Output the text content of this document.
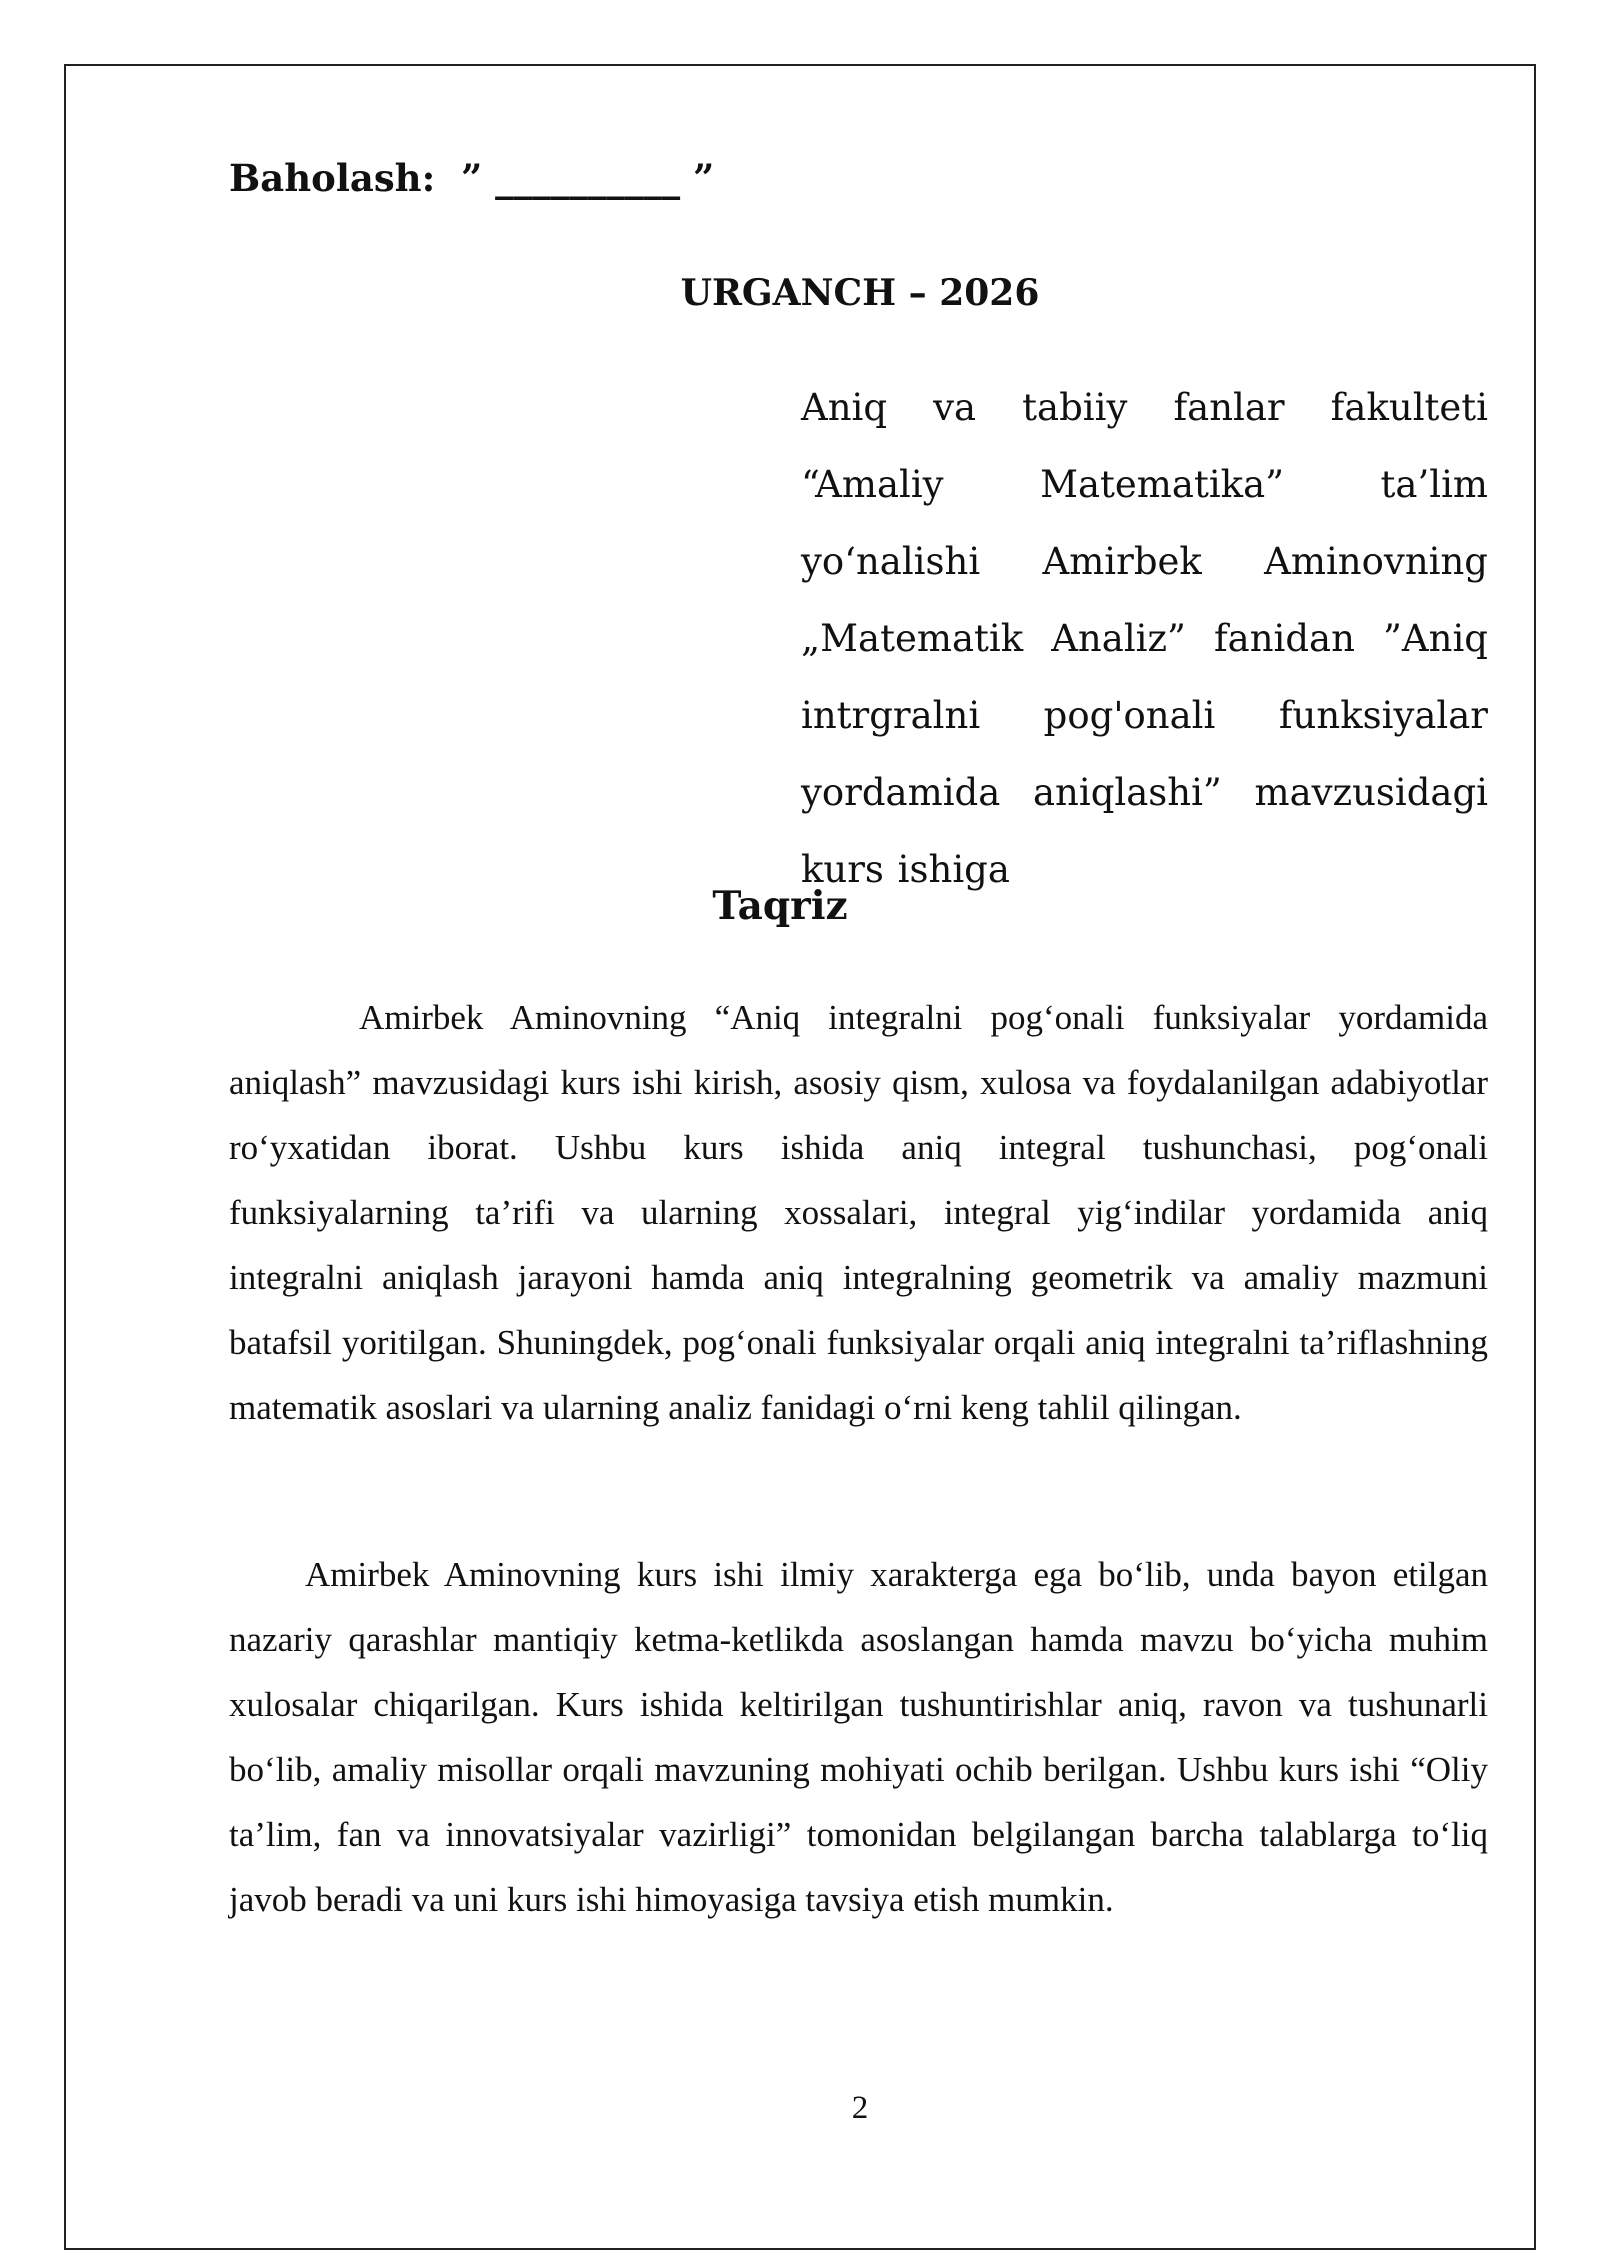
Baholash:  ” __________ ”
URGANCH – 2026
Aniq va tabiiy fanlar fakulteti “Amaliy Matematika” ta’lim yo‘nalishi Amirbek Aminovning „Matematik Analiz” fanidan ”Aniq intrgralni pog'onali funksiyalar yordamida aniqlashi” mavzusidagi kurs ishiga
Taqriz
Amirbek Aminovning “Aniq integralni pog‘onali funksiyalar yordamida aniqlash” mavzusidagi kurs ishi kirish, asosiy qism, xulosa va foydalanilgan adabiyotlar ro‘yxatidan iborat. Ushbu kurs ishida aniq integral tushunchasi, pog‘onali funksiyalarning ta’rifi va ularning xossalari, integral yig‘indilar yordamida aniq integralni aniqlash jarayoni hamda aniq integralning geometrik va amaliy mazmuni batafsil yoritilgan. Shuningdek, pog‘onali funksiyalar orqali aniq integralni ta’riflashning matematik asoslari va ularning analiz fanidagi o‘rni keng tahlil qilingan.
Amirbek Aminovning kurs ishi ilmiy xarakterga ega bo‘lib, unda bayon etilgan nazariy qarashlar mantiqiy ketma-ketlikda asoslangan hamda mavzu bo‘yicha muhim xulosalar chiqarilgan. Kurs ishida keltirilgan tushuntirishlar aniq, ravon va tushunarli bo‘lib, amaliy misollar orqali mavzuning mohiyati ochib berilgan. Ushbu kurs ishi “Oliy ta’lim, fan va innovatsiyalar vazirligi” tomonidan belgilangan barcha talablarga to‘liq javob beradi va uni kurs ishi himoyasiga tavsiya etish mumkin.
2
